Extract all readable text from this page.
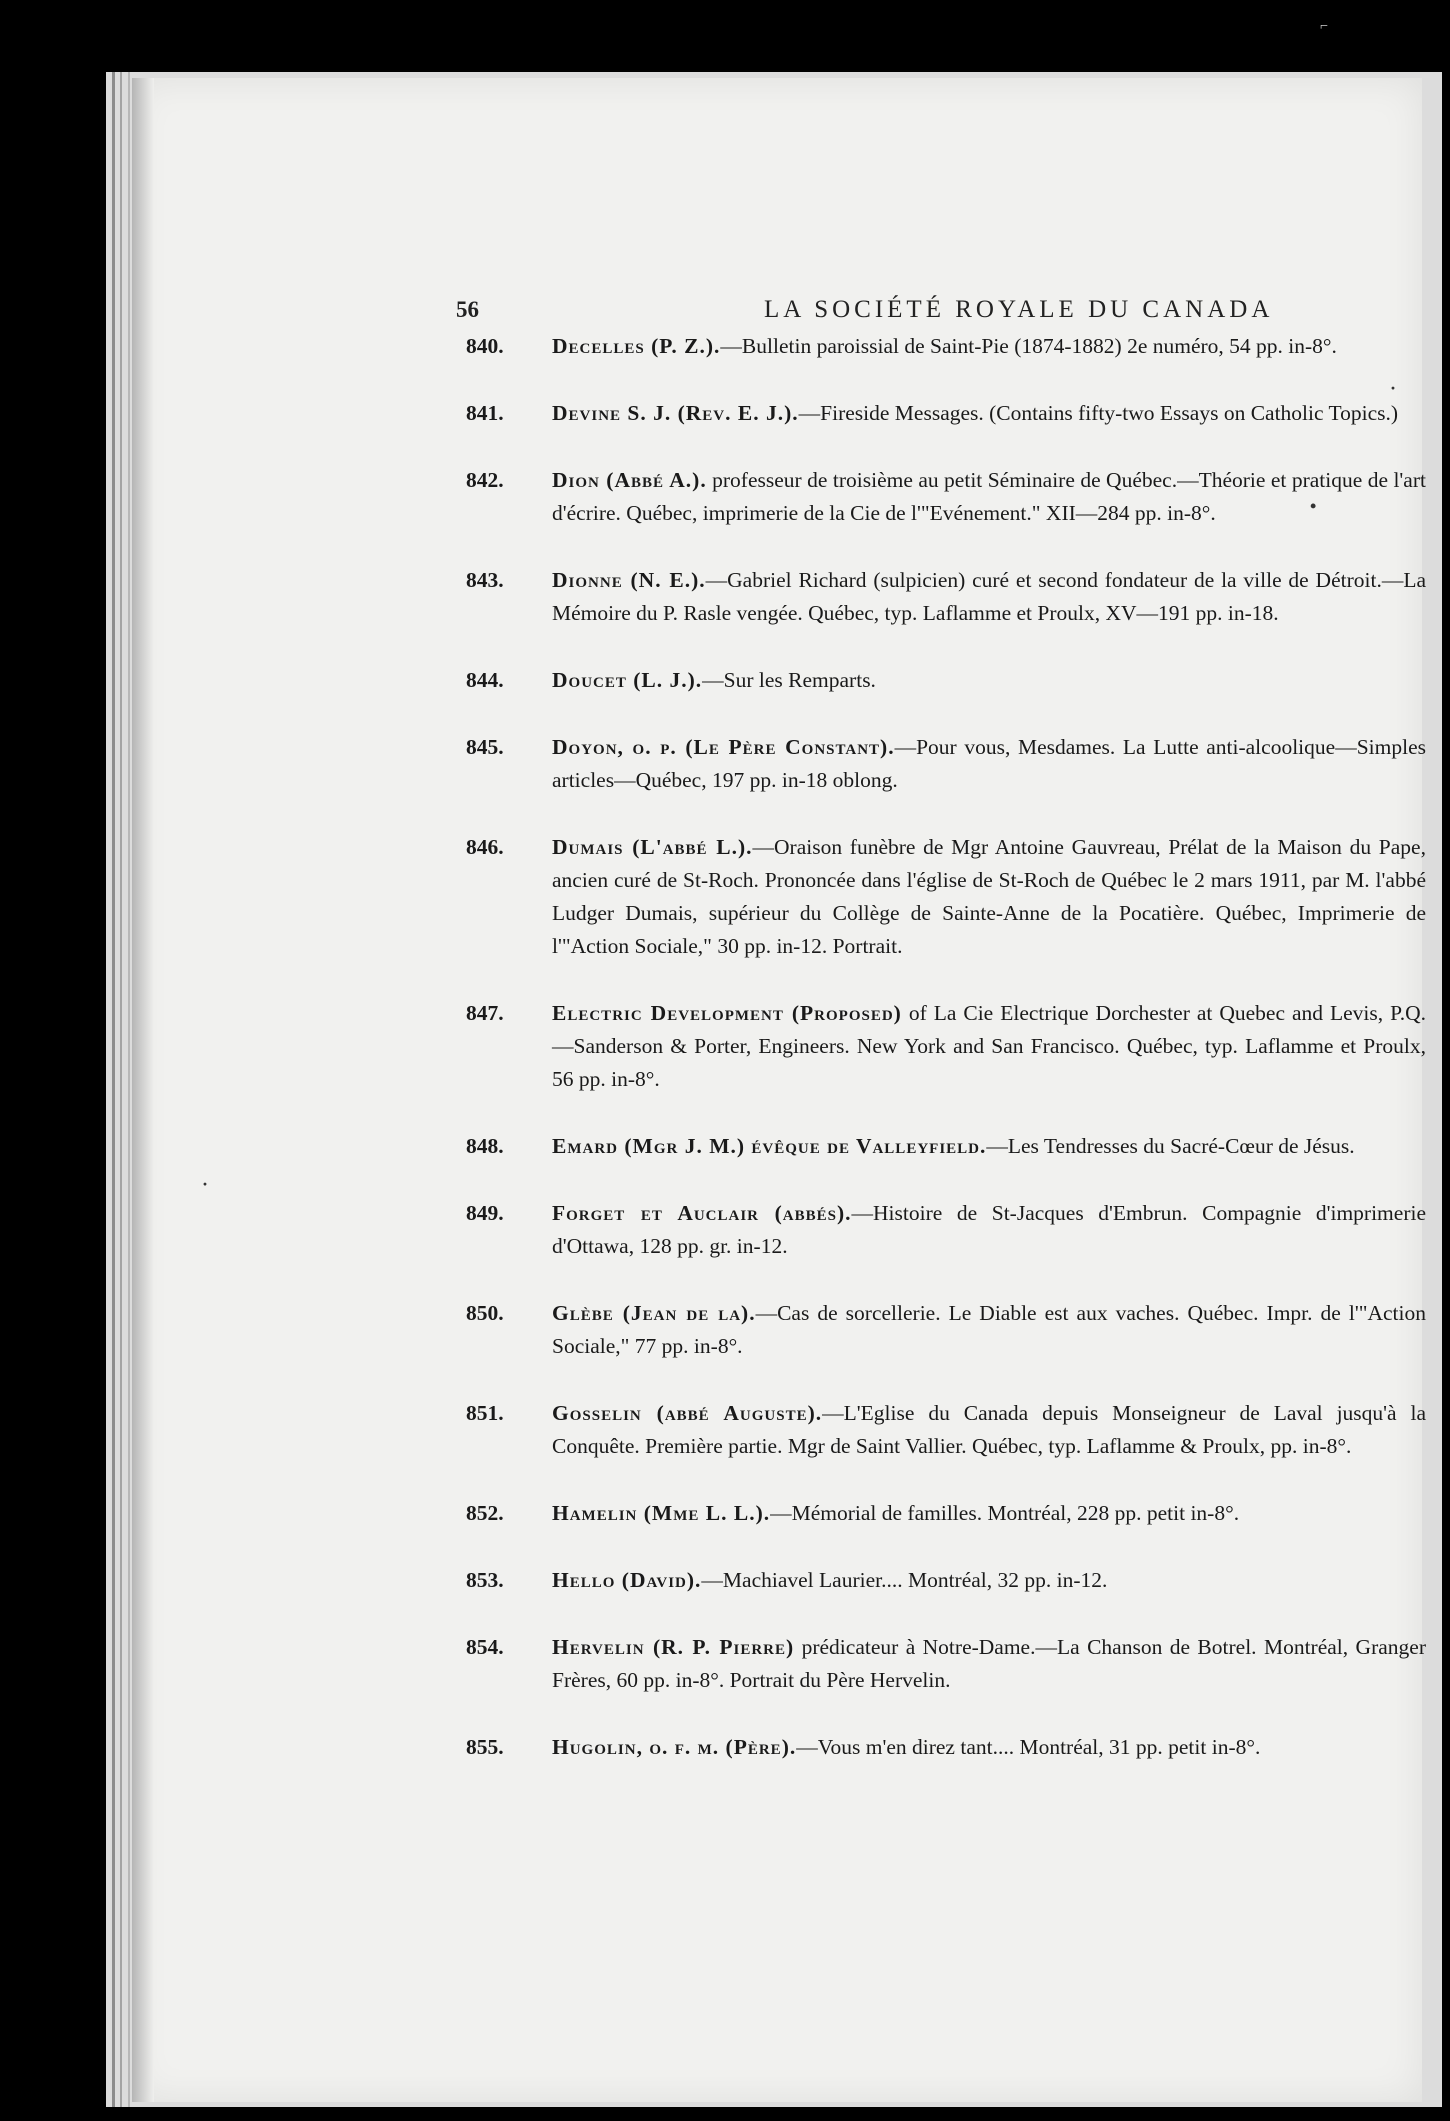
⌐
56	LA SOCIÉTÉ ROYALE DU CANADA
·
•
·
840. Decelles (P. Z.).—Bulletin paroissial de Saint-Pie (1874-1882) 2e numéro, 54 pp. in-8°.
841. Devine S. J. (Rev. E. J.).—Fireside Messages. (Contains fifty-two Essays on Catholic Topics.)
842. Dion (Abbé A.). professeur de troisième au petit Séminaire de Québec.—Théorie et pratique de l'art d'écrire. Québec, imprimerie de la Cie de l'"Evénement." XII—284 pp. in-8°.
843. Dionne (N. E.).—Gabriel Richard (sulpicien) curé et second fondateur de la ville de Détroit.—La Mémoire du P. Rasle vengée. Québec, typ. Laflamme et Proulx, XV—191 pp. in-18.
844. Doucet (L. J.).—Sur les Remparts.
845. Doyon, o. p. (Le Père Constant).—Pour vous, Mesdames. La Lutte anti-alcoolique—Simples articles—Québec, 197 pp. in-18 oblong.
846. Dumais (L'abbé L.).—Oraison funèbre de Mgr Antoine Gauvreau, Prélat de la Maison du Pape, ancien curé de St-Roch. Prononcée dans l'église de St-Roch de Québec le 2 mars 1911, par M. l'abbé Ludger Dumais, supérieur du Collège de Sainte-Anne de la Pocatière. Québec, Imprimerie de l'"Action Sociale," 30 pp. in-12. Portrait.
847. Electric Development (Proposed) of La Cie Electrique Dorchester at Quebec and Levis, P.Q.—Sanderson & Porter, Engineers. New York and San Francisco. Québec, typ. Laflamme et Proulx, 56 pp. in-8°.
848. Emard (Mgr J. M.) évêque de Valleyfield.—Les Tendresses du Sacré-Cœur de Jésus.
849. Forget et Auclair (abbés).—Histoire de St-Jacques d'Embrun. Compagnie d'imprimerie d'Ottawa, 128 pp. gr. in-12.
850. Glèbe (Jean de la).—Cas de sorcellerie. Le Diable est aux vaches. Québec. Impr. de l'"Action Sociale," 77 pp. in-8°.
851. Gosselin (abbé Auguste).—L'Eglise du Canada depuis Monseigneur de Laval jusqu'à la Conquête. Première partie. Mgr de Saint Vallier. Québec, typ. Laflamme & Proulx, pp. in-8°.
852. Hamelin (Mme L. L.).—Mémorial de familles. Montréal, 228 pp. petit in-8°.
853. Hello (David).—Machiavel Laurier.... Montréal, 32 pp. in-12.
854. Hervelin (R. P. Pierre) prédicateur à Notre-Dame.—La Chanson de Botrel. Montréal, Granger Frères, 60 pp. in-8°. Portrait du Père Hervelin.
855. Hugolin, o. f. m. (Père).—Vous m'en direz tant.... Montréal, 31 pp. petit in-8°.
